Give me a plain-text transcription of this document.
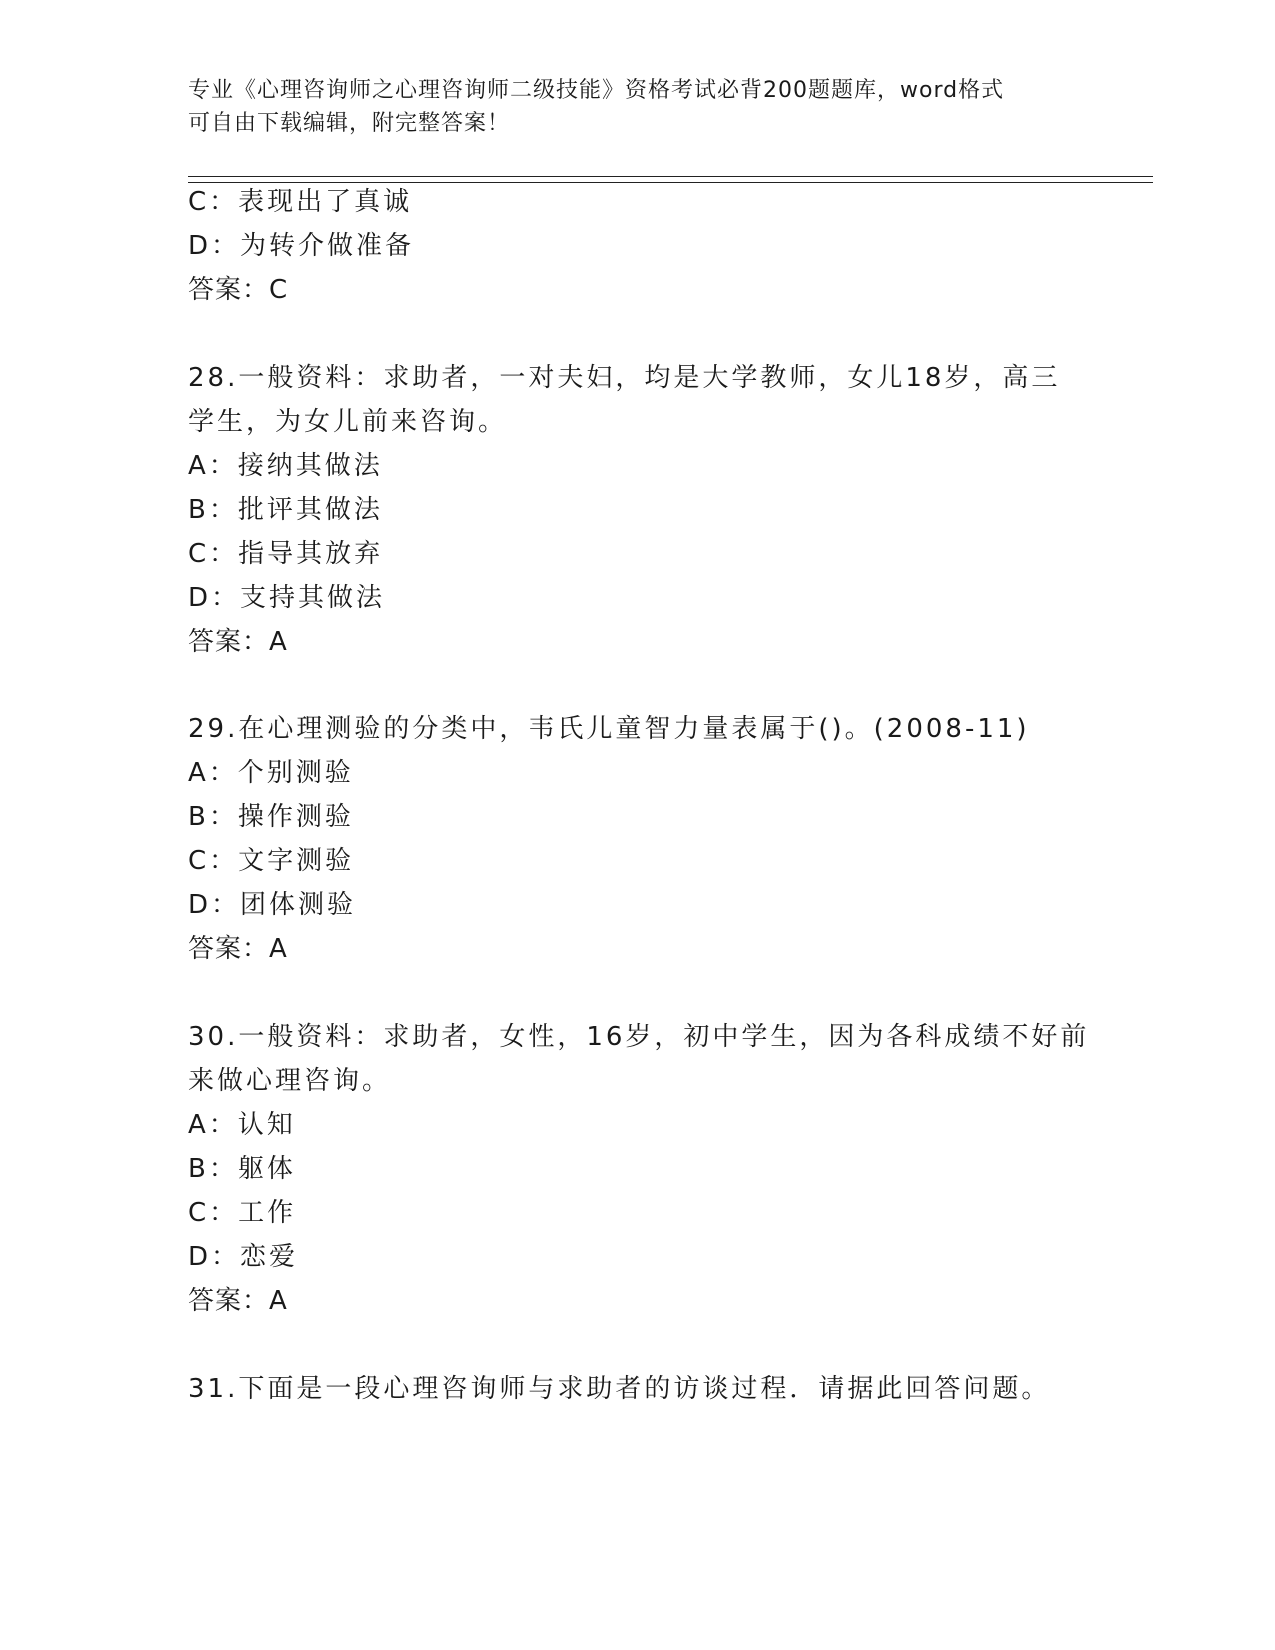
专业《心理咨询师之心理咨询师二级技能》资格考试必背200题题库，word格式
可自由下载编辑，附完整答案！
C：表现出了真诚
D：为转介做准备
答案：C
28.一般资料：求助者，一对夫妇，均是大学教师，女儿18岁，高三
学生，为女儿前来咨询。
A：接纳其做法
B：批评其做法
C：指导其放弃
D：支持其做法
答案：A
29.在心理测验的分类中，韦氏儿童智力量表属于()。(2008-11)
A：个别测验
B：操作测验
C：文字测验
D：团体测验
答案：A
30.一般资料：求助者，女性，16岁，初中学生，因为各科成绩不好前
来做心理咨询。
A：认知
B：躯体
C：工作
D：恋爱
答案：A
31.下面是一段心理咨询师与求助者的访谈过程．请据此回答问题。
